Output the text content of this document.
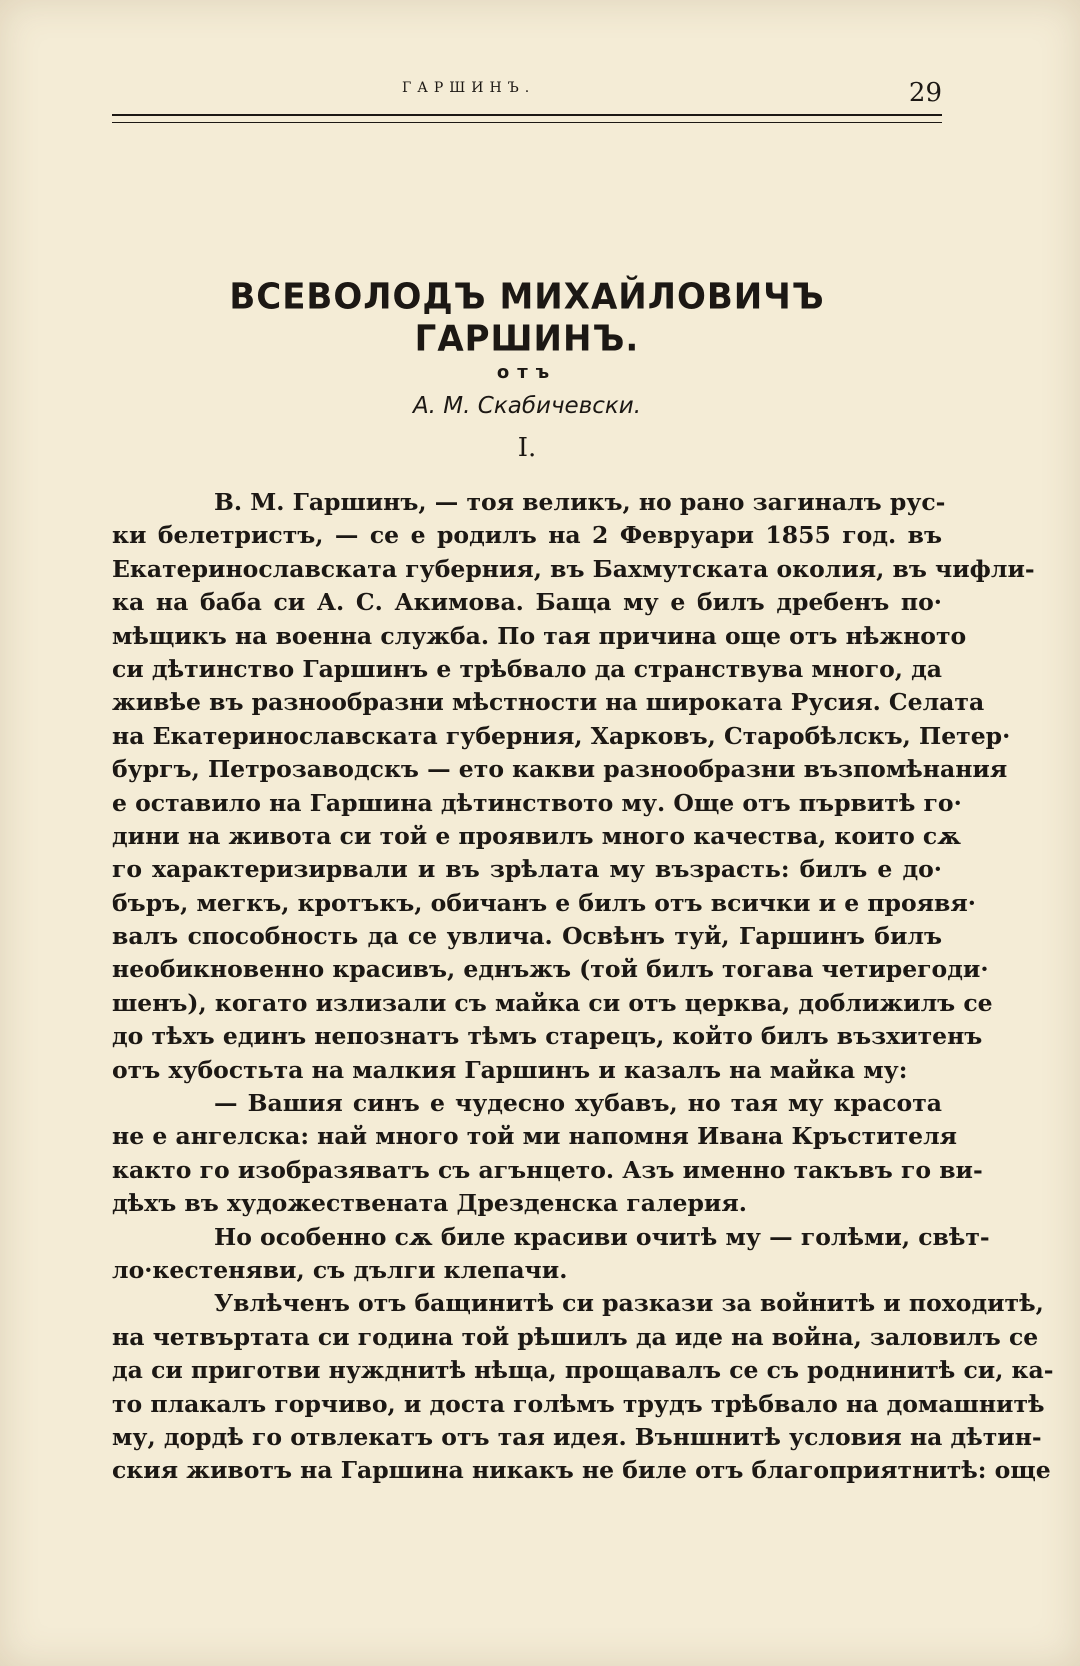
ГАРШИНЪ.	29
ВСЕВОЛОДЪ МИХАЙЛОВИЧЪ ГАРШИНЪ.
отъ
А. М. Скабичевски.
I.
В. М. Гаршинъ, — тоя великъ, но рано загиналъ рус-
ки белетристъ, — се е родилъ на 2 Февруари 1855 год. въ
Екатеринославската губерния, въ Бахмутската околия, въ чифли-
ка на баба си А. С. Акимова. Баща му е билъ дребенъ по·
мѣщикъ на военна служба. По тая причина още отъ нѣжното
си дѣтинство Гаршинъ е трѣбвало да странствува много, да
живѣе въ разнообразни мѣстности на широката Русия. Селата
на Екатеринославската губерния, Харковъ, Старобѣлскъ, Петер·
бургъ, Петрозаводскъ — ето какви разнообразни възпомѣнания
е оставило на Гаршина дѣтинството му. Още отъ първитѣ го·
дини на живота си той е проявилъ много качества, които сѫ
го характеризирвали и въ зрѣлата му възрасть: билъ е до·
бъръ, мегкъ, кротъкъ, обичанъ е билъ отъ всички и е проявя·
валъ способность да се увлича. Освѣнъ туй, Гаршинъ билъ
необикновенно красивъ, еднъжъ (той билъ тогава четирегоди·
шенъ), когато излизали съ майка си отъ церква, доближилъ се
до тѣхъ единъ непознатъ тѣмъ старецъ, който билъ възхитенъ
отъ хубостьта на малкия Гаршинъ и казалъ на майка му:
— Вашия синъ е чудесно хубавъ, но тая му красота
не е ангелска: най много той ми напомня Ивана Кръстителя
както го изобразяватъ съ агънцето. Азъ именно такъвъ го ви-
дѣхъ въ художествената Дрезденска галерия.
Но особенно сѫ биле красиви очитѣ му — голѣми, свѣт-
ло·кестеняви, съ дълги клепачи.
Увлѣченъ отъ бащинитѣ си разкази за войнитѣ и походитѣ,
на четвъртата си година той рѣшилъ да иде на война, заловилъ се
да си приготви нужднитѣ нѣща, прощавалъ се съ роднинитѣ си, ка-
то плакалъ горчиво, и доста голѣмъ трудъ трѣбвало на домашнитѣ
му, дордѣ го отвлекатъ отъ тая идея. Външнитѣ условия на дѣтин-
ския животъ на Гаршина никакъ не биле отъ благоприятнитѣ: още
